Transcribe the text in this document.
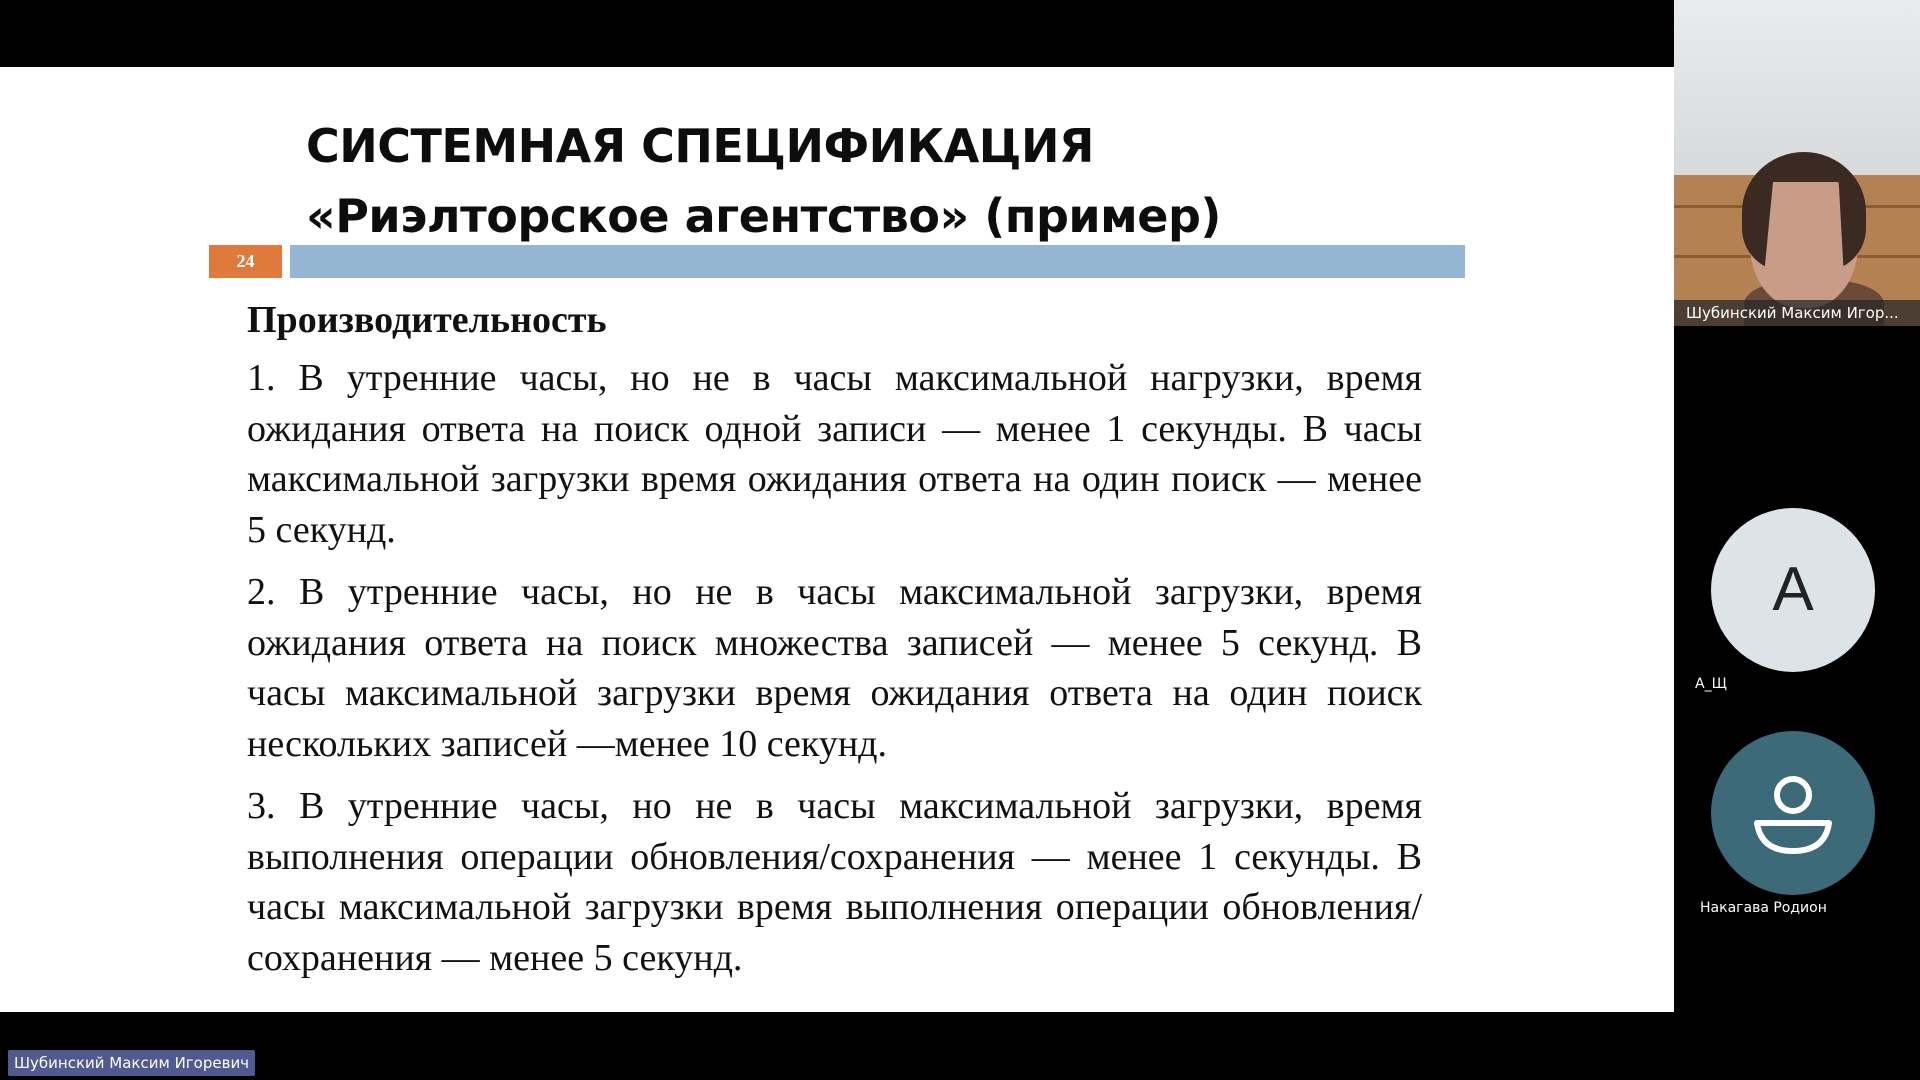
СИСТЕМНАЯ СПЕЦИФИКАЦИЯ
«Риэлторское агентство» (пример)
24
Производительность

1. В утренние часы, но не в часы максимальной нагрузки, время ожидания ответа на поиск одной записи — менее 1 секунды. В часы максимальной загрузки время ожидания ответа на один поиск — менее 5 секунд.

2. В утренние часы, но не в часы максимальной загрузки, время ожидания ответа на поиск множества записей — менее 5 секунд. В часы максимальной загрузки время ожидания ответа на один поиск нескольких записей —менее 10 секунд.

3. В утренние часы, но не в часы максимальной загрузки, время выполнения операции обновления/сохранения — менее 1 секунды. В часы максимальной загрузки время выполнения операции обновления/сохранения — менее 5 секунд.

Шубинский Максим Игор...
А
А_Щ
Накагава Родион
Шубинский Максим Игоревич
